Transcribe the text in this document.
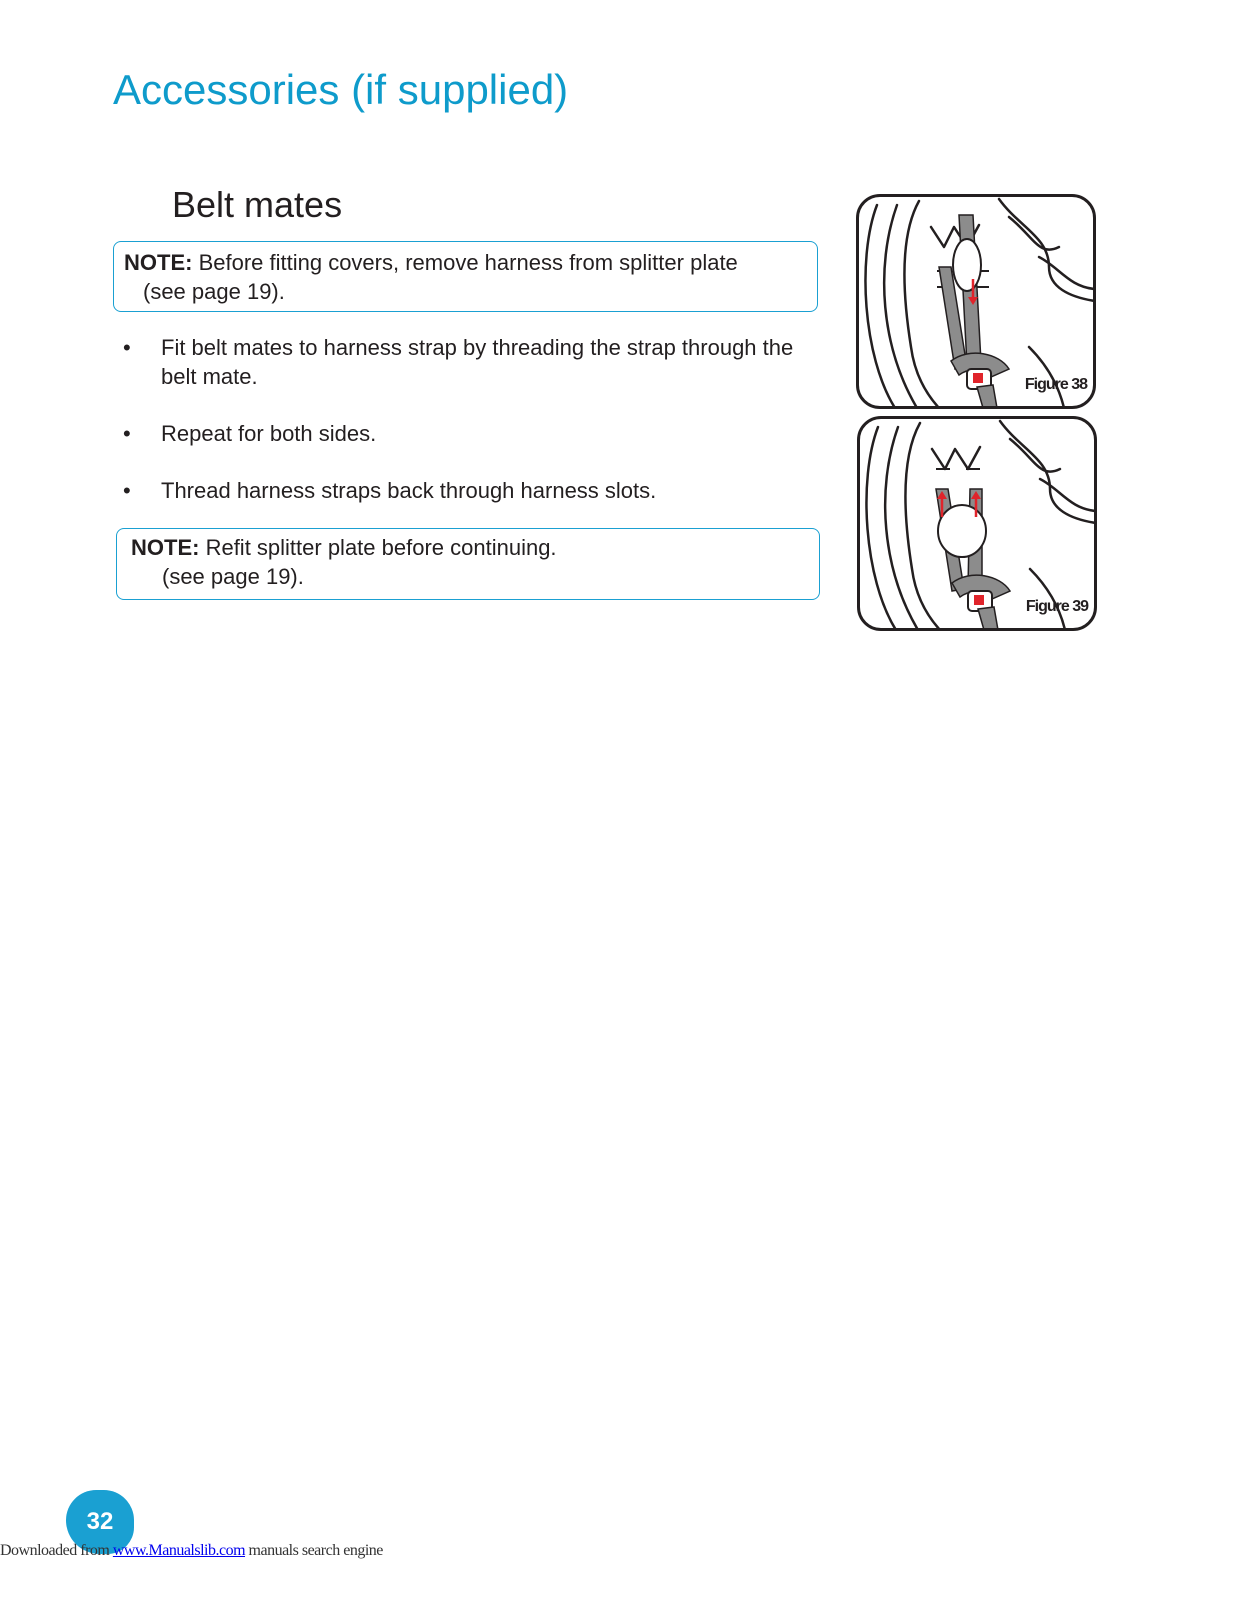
Accessories (if supplied)
Belt mates
NOTE: Before fitting covers, remove harness from splitter plate
(see page 19).
• Fit belt mates to harness strap by threading the strap through the belt mate.
• Repeat for both sides.
• Thread harness straps back through harness slots.
NOTE: Refit splitter plate before continuing.
(see page 19).
Figure 38
Figure 39
32
Downloaded from www.Manualslib.com manuals search engine
